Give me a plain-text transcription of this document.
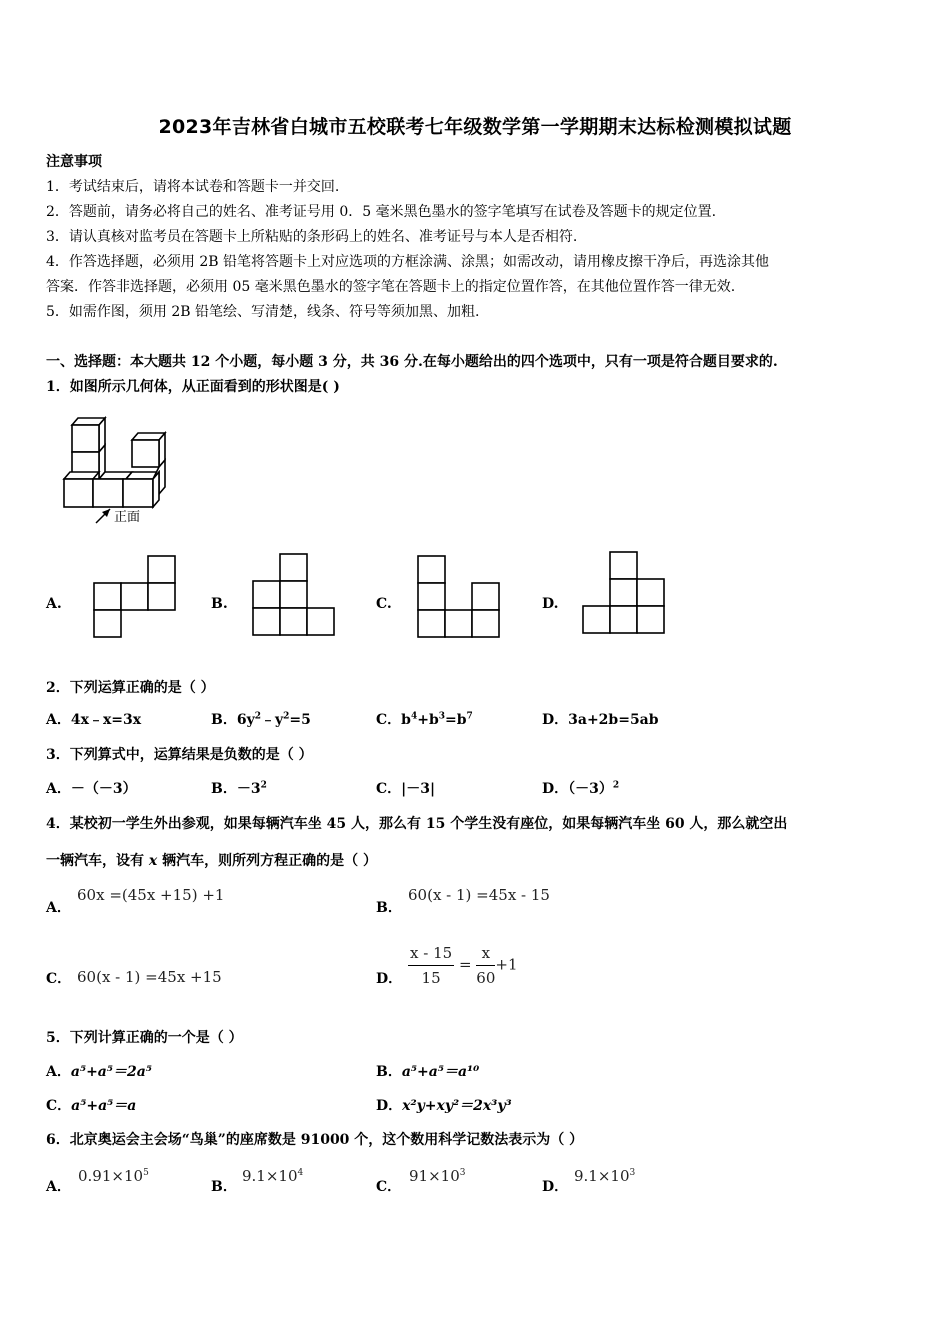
2023年吉林省白城市五校联考七年级数学第一学期期末达标检测模拟试题
注意事项
1．考试结束后，请将本试卷和答题卡一并交回.
2．答题前，请务必将自己的姓名、准考证号用 0．5 毫米黑色墨水的签字笔填写在试卷及答题卡的规定位置.
3．请认真核对监考员在答题卡上所粘贴的条形码上的姓名、准考证号与本人是否相符.
4．作答选择题，必须用 2B 铅笔将答题卡上对应选项的方框涂满、涂黑；如需改动，请用橡皮擦干净后，再选涂其他
答案．作答非选择题，必须用 05 毫米黑色墨水的签字笔在答题卡上的指定位置作答，在其他位置作答一律无效.
5．如需作图，须用 2B 铅笔绘、写清楚，线条、符号等须加黑、加粗.
一、选择题：本大题共 12 个小题，每小题 3 分，共 36 分.在每小题给出的四个选项中，只有一项是符合题目要求的.
1．如图所示几何体，从正面看到的形状图是( )
正面
A.	B.	C.	D.
2．下列运算正确的是（ ）
A．4x﹣x=3x	B．$6y^2﹣y^2=5$	C．$b^4+b^3=b^7$	D．3a+2b=5ab
3．下列算式中，运算结果是负数的是（ ）
A．－（－3）	B．$-3^2$	C．|－3|	D．$(-3)^2$
4．某校初一学生外出参观，如果每辆汽车坐 45 人，那么有 15 个学生没有座位，如果每辆汽车坐 60 人，那么就空出
一辆汽车，设有 x 辆汽车，则所列方程正确的是（ ）
A．
60x =(45x +15) +1
B．
60(x - 1) =45x - 15
C． 60(x - 1) =45x +15	D． $\frac{x - 15}{15} = \frac{x}{60} +1$
5．下列计算正确的一个是（ ）
A．a⁵+a⁵＝2a⁵	B．a⁵+a⁵＝a¹⁰
C．a⁵+a⁵＝a	D．x²y+xy²＝2x³y³
6．北京奥运会主会场“鸟巢”的座席数是 91000 个，这个数用科学记数法表示为（ ）
A．
$0.91\times 10^5$
B．
$9.1\times 10^4$
C．
$91\times 10^3$
D．
$9.1\times 10^3$
